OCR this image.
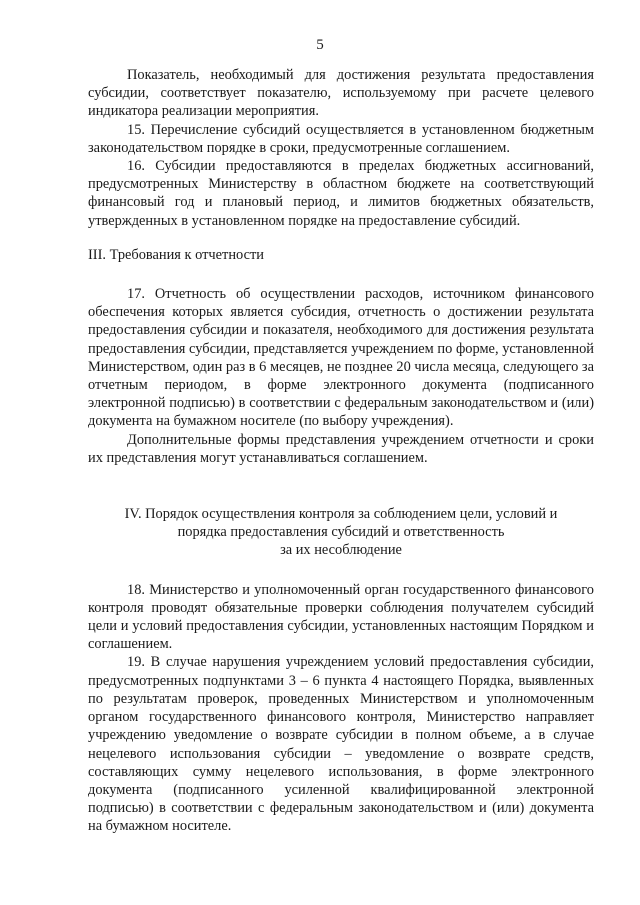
5

Показатель, необходимый для достижения результата предоставления субсидии, соответствует показателю, используемому при расчете целевого индикатора реализации мероприятия.

15. Перечисление субсидий осуществляется в установленном бюджетным законодательством порядке в сроки, предусмотренные соглашением.

16. Субсидии предоставляются в пределах бюджетных ассигнований, предусмотренных Министерству в областном бюджете на соответствующий финансовый год и плановый период, и лимитов бюджетных обязательств, утвержденных в установленном порядке на предоставление субсидий.

III. Требования к отчетности

17. Отчетность об осуществлении расходов, источником финансового обеспечения которых является субсидия, отчетность о достижении результата предоставления субсидии и показателя, необходимого для достижения результата предоставления субсидии, представляется учреждением по форме, установленной Министерством, один раз в 6 месяцев, не позднее 20 числа месяца, следующего за отчетным периодом, в форме электронного документа (подписанного электронной подписью) в соответствии с федеральным законодательством и (или) документа на бумажном носителе (по выбору учреждения).

Дополнительные формы представления учреждением отчетности и сроки их представления могут устанавливаться соглашением.

IV. Порядок осуществления контроля за соблюдением цели, условий и
порядка предоставления субсидий и ответственность
за их несоблюдение

18. Министерство и уполномоченный орган государственного финансового контроля проводят обязательные проверки соблюдения получателем субсидий цели и условий предоставления субсидии, установленных настоящим Порядком и соглашением.

19. В случае нарушения учреждением условий предоставления субсидии, предусмотренных подпунктами 3 – 6 пункта 4 настоящего Порядка, выявленных по результатам проверок, проведенных Министерством и уполномоченным органом государственного финансового контроля, Министерство направляет учреждению уведомление о возврате субсидии в полном объеме, а в случае нецелевого использования субсидии – уведомление о возврате средств, составляющих сумму нецелевого использования, в форме электронного документа (подписанного усиленной квалифицированной электронной подписью) в соответствии с федеральным законодательством и (или) документа на бумажном носителе.
